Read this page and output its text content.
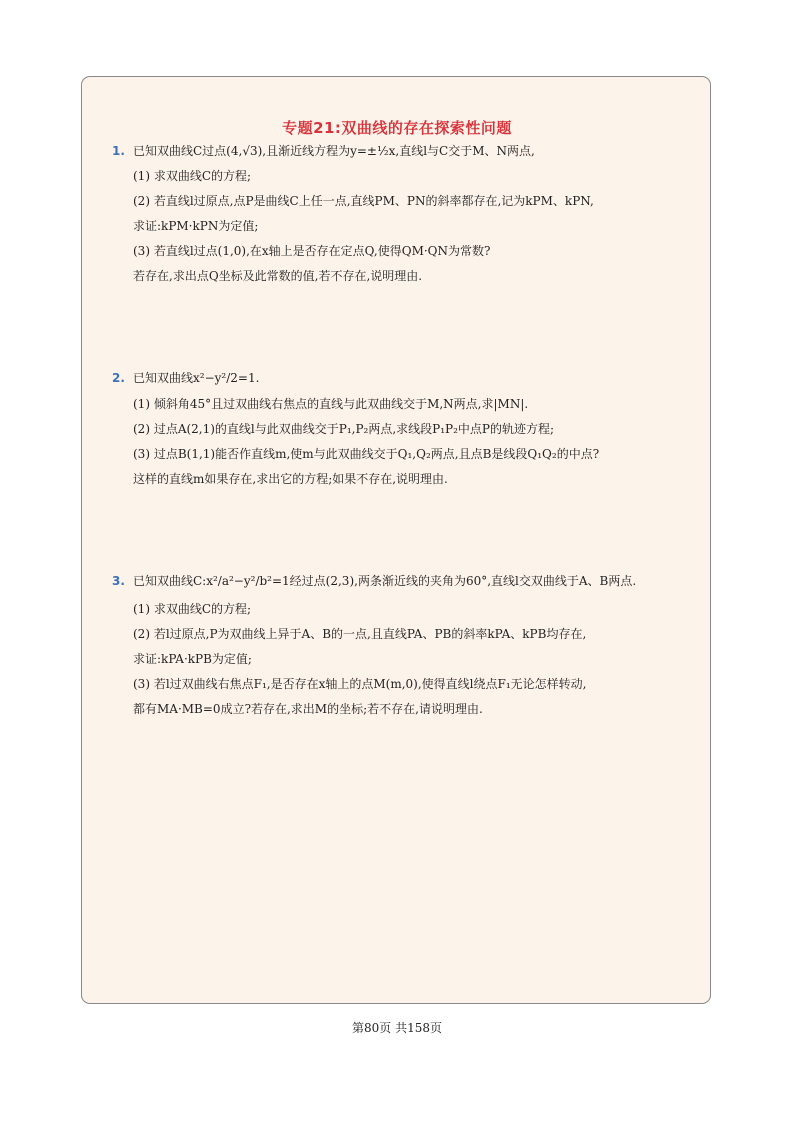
专题21:双曲线的存在探索性问题
1. 已知双曲线C过点(4,√3),且渐近线方程为y=±½x,直线l与C交于M、N两点,
(1) 求双曲线C的方程;
(2) 若直线l过原点,点P是曲线C上任一点,直线PM、PN的斜率都存在,记为kPM、kPN,
求证:kPM·kPN为定值;
(3) 若直线l过点(1,0),在x轴上是否存在定点Q,使得QM·QN为常数?
若存在,求出点Q坐标及此常数的值,若不存在,说明理由.
2. 已知双曲线x²−y²/2=1.
(1) 倾斜角45°且过双曲线右焦点的直线与此双曲线交于M,N两点,求|MN|.
(2) 过点A(2,1)的直线l与此双曲线交于P₁,P₂两点,求线段P₁P₂中点P的轨迹方程;
(3) 过点B(1,1)能否作直线m,使m与此双曲线交于Q₁,Q₂两点,且点B是线段Q₁Q₂的中点?
这样的直线m如果存在,求出它的方程;如果不存在,说明理由.
3. 已知双曲线C:x²/a²−y²/b²=1经过点(2,3),两条渐近线的夹角为60°,直线l交双曲线于A、B两点.
(1) 求双曲线C的方程;
(2) 若l过原点,P为双曲线上异于A、B的一点,且直线PA、PB的斜率kPA、kPB均存在,
求证:kPA·kPB为定值;
(3) 若l过双曲线右焦点F₁,是否存在x轴上的点M(m,0),使得直线l绕点F₁无论怎样转动,
都有MA·MB=0成立?若存在,求出M的坐标;若不存在,请说明理由.
第80页 共158页
